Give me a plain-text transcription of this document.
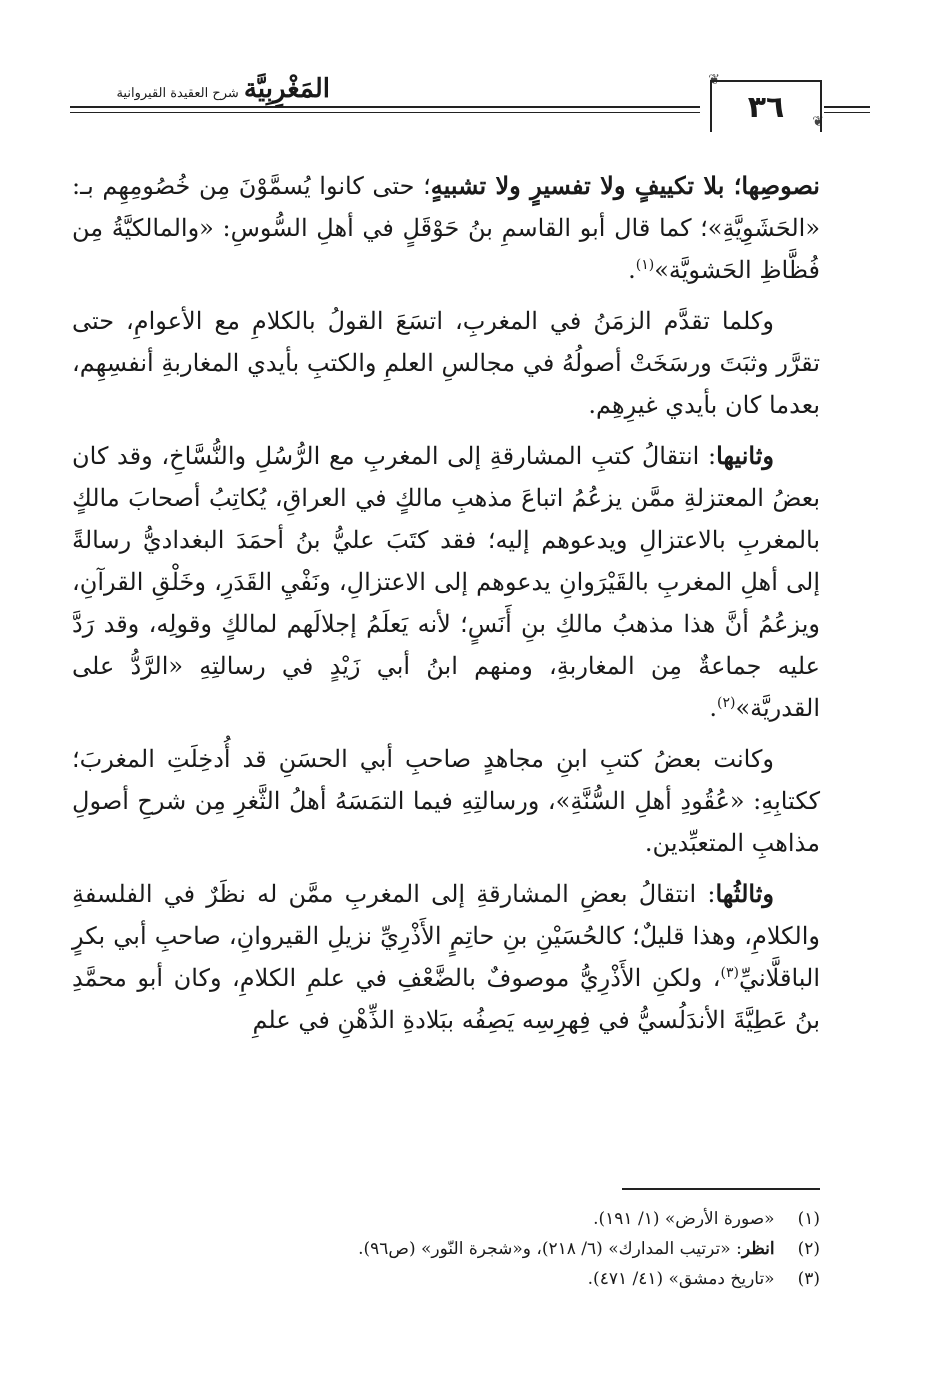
❦
❦
٣٦
المَغْرِبِيَّة شرح العقيدة القيروانية

نصوصِها؛ بلا تكييفٍ ولا تفسيرٍ ولا تشبيهٍ؛ حتى كانوا يُسمَّوْنَ مِن خُصُومِهِم بـ: «الحَشَوِيَّةِ»؛ كما قال أبو القاسمِ بنُ حَوْقَلٍ في أهلِ السُّوسِ: «والمالكيَّةُ مِن فُظَّاظِ الحَشويَّة»$^{(١)}$.

وكلما تقدَّم الزمَنُ في المغربِ، اتسَعَ القولُ بالكلامِ مع الأعوامِ، حتى تقرَّر وثبَتَ ورسَخَتْ أصولُهُ في مجالسِ العلمِ والكتبِ بأيدي المغاربةِ أنفسِهِم، بعدما كان بأيدي غيرِهِم.

وثانيها: انتقالُ كتبِ المشارقةِ إلى المغربِ مع الرُّسُلِ والنُّسَّاخِ، وقد كان بعضُ المعتزلةِ ممَّن يزعُمُ اتباعَ مذهبِ مالكٍ في العراقِ، يُكاتِبُ أصحابَ مالكٍ بالمغربِ بالاعتزالِ ويدعوهم إليه؛ فقد كتَبَ عليُّ بنُ أحمَدَ البغداديُّ رسالةً إلى أهلِ المغربِ بالقَيْرَوانِ يدعوهم إلى الاعتزالِ، ونَفْيِ القَدَرِ، وخَلْقِ القرآنِ، ويزعُمُ أنَّ هذا مذهبُ مالكِ بنِ أَنَسٍ؛ لأنه يَعلَمُ إجلالَهم لمالكٍ وقولِه، وقد رَدَّ عليه جماعةٌ مِن المغاربةِ، ومنهم ابنُ أبي زَيْدٍ في رسالتِهِ «الرَّدُّ على القدريَّة»$^{(٢)}$.

وكانت بعضُ كتبِ ابنِ مجاهدٍ صاحبِ أبي الحسَنِ قد أُدخِلَتِ المغربَ؛ ككتابِهِ: «عُقُودِ أهلِ السُّنَّةِ»، ورسالتِهِ فيما التمَسَهُ أهلُ الثَّغرِ مِن شرحِ أصولِ مذاهبِ المتعبِّدين.

وثالثُها: انتقالُ بعضِ المشارقةِ إلى المغربِ ممَّن له نظَرٌ في الفلسفةِ والكلامِ، وهذا قليلٌ؛ كالحُسَيْنِ بنِ حاتِمٍ الأَذْرِيِّ نزيلِ القيروانِ، صاحبِ أبي بكرٍ الباقلَّانيِّ$^{(٣)}$، ولكنِ الأَذْرِيُّ موصوفٌ بالضَّعْفِ في علمِ الكلامِ، وكان أبو محمَّدِ بنُ عَطِيَّةَ الأندَلُسيُّ في فِهرِسِه يَصِفُه ببَلادةِ الذِّهْنِ في علمِ

(١) «صورة الأرض» (١/ ١٩١).
(٢) انظر: «ترتيب المدارك» (٦/ ٢١٨)، و«شجرة النّور» (ص٩٦).
(٣) «تاريخ دمشق» (٤١/ ٤٧١).
